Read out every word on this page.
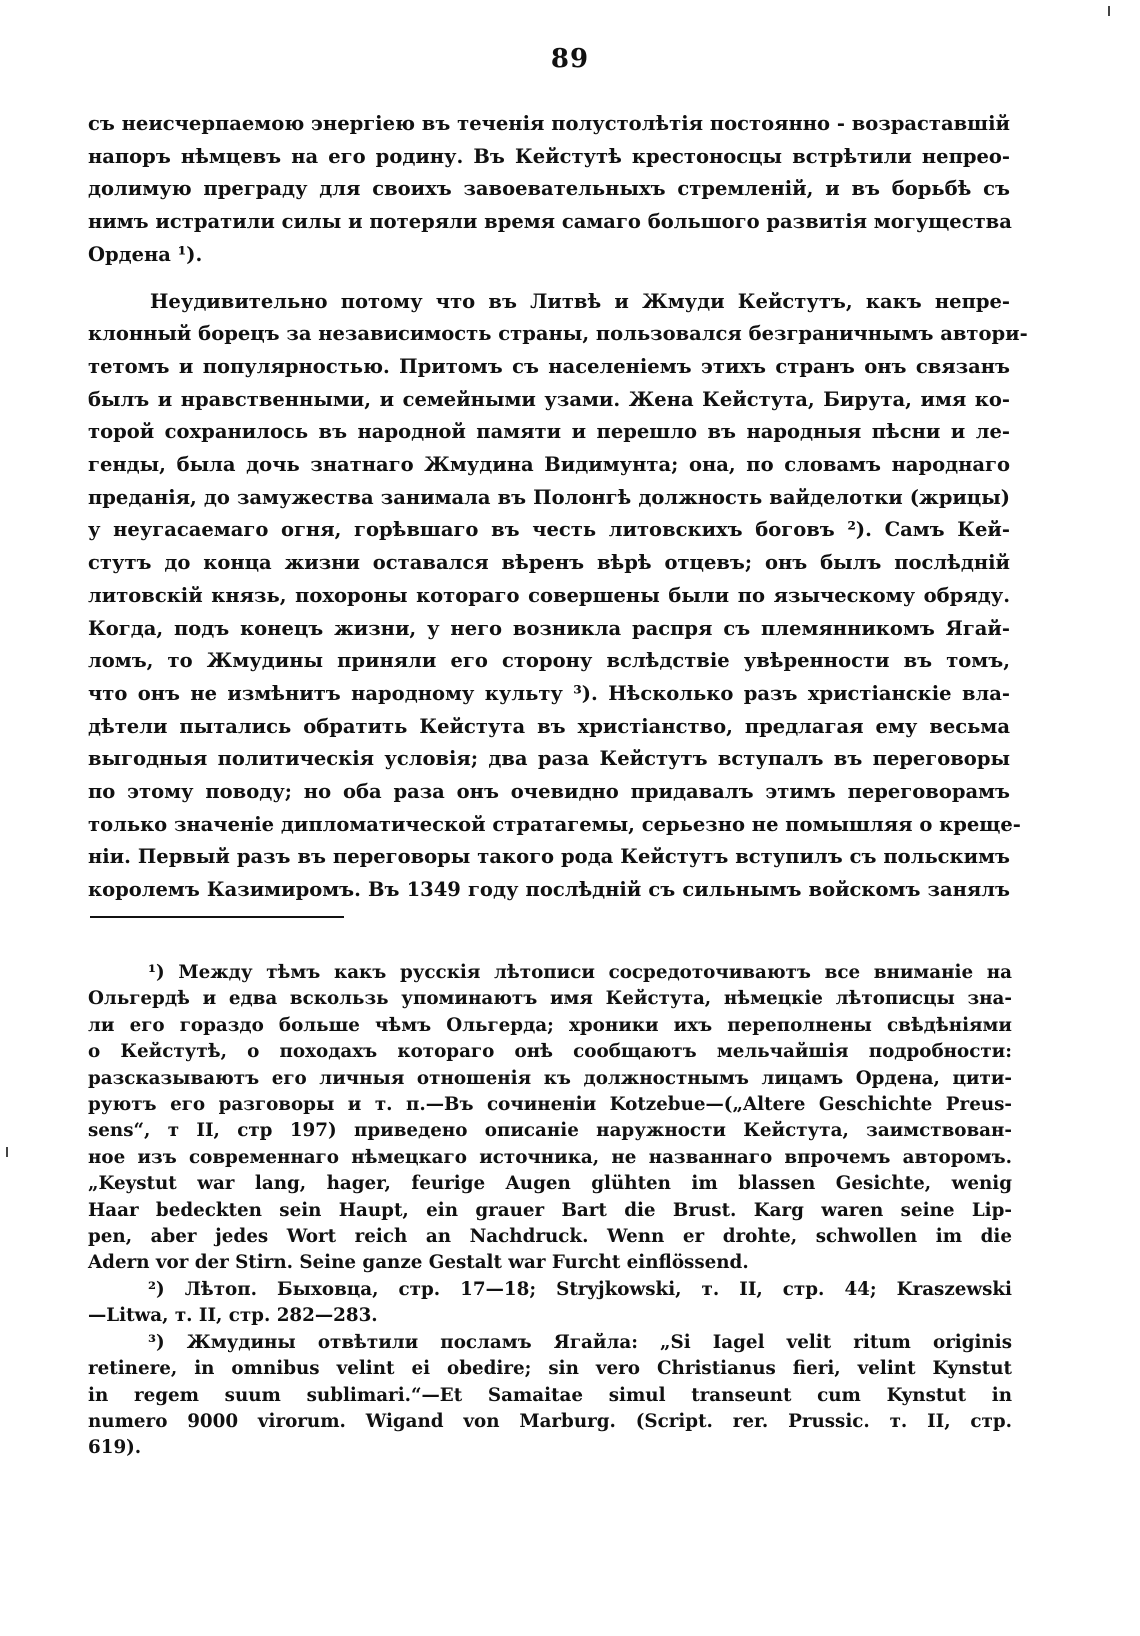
89
съ неисчерпаемою энергіею въ теченія полустолѣтія постоянно - возраставшій
напоръ нѣмцевъ на его родину. Въ Кейстутѣ крестоносцы встрѣтили непрео-
долимую преграду для своихъ завоевательныхъ стремленій, и въ борьбѣ съ
нимъ истратили силы и потеряли время самаго большого развитія могущества
Ордена ¹).
Неудивительно потому что въ Литвѣ и Жмуди Кейстутъ, какъ непре-
клонный борецъ за независимость страны, пользовался безграничнымъ автори-
тетомъ и популярностью. Притомъ съ населеніемъ этихъ странъ онъ связанъ
былъ и нравственными, и семейными узами. Жена Кейстута, Бирута, имя ко-
торой сохранилось въ народной памяти и перешло въ народныя пѣсни и ле-
генды, была дочь знатнаго Жмудина Видимунта; она, по словамъ народнаго
преданія, до замужества занимала въ Полонгѣ должность вайделотки (жрицы)
у неугасаемаго огня, горѣвшаго въ честь литовскихъ боговъ ²). Самъ Кей-
стутъ до конца жизни оставался вѣренъ вѣрѣ отцевъ; онъ былъ послѣдній
литовскій князь, похороны котораго совершены были по языческому обряду.
Когда, подъ конецъ жизни, у него возникла распря съ племянникомъ Ягай-
ломъ, то Жмудины приняли его сторону вслѣдствіе увѣренности въ томъ,
что онъ не измѣнитъ народному культу ³). Нѣсколько разъ христіанскіе вла-
дѣтели пытались обратить Кейстута въ христіанство, предлагая ему весьма
выгодныя политическія условія; два раза Кейстутъ вступалъ въ переговоры
по этому поводу; но оба раза онъ очевидно придавалъ этимъ переговорамъ
только значеніе дипломатической стратагемы, серьезно не помышляя о креще-
ніи. Первый разъ въ переговоры такого рода Кейстутъ вступилъ съ польскимъ
королемъ Казимиромъ. Въ 1349 году послѣдній съ сильнымъ войскомъ занялъ
¹) Между тѣмъ какъ русскія лѣтописи сосредоточиваютъ все вниманіе на
Ольгердѣ и едва вскользь упоминаютъ имя Кейстута, нѣмецкіе лѣтописцы зна-
ли его гораздо больше чѣмъ Ольгерда; хроники ихъ переполнены свѣдѣніями
о Кейстутѣ, о походахъ котораго онѣ сообщаютъ мельчайшія подробности:
разсказываютъ его личныя отношенія къ должностнымъ лицамъ Ордена, цити-
руютъ его разговоры и т. п.—Въ сочиненіи Kotzebue—(„Altere Geschichte Preus-
sens“, т II, стр 197) приведено описаніе наружности Кейстута, заимствован-
ное изъ современнаго нѣмецкаго источника, не названнаго впрочемъ авторомъ.
„Keystut war lang, hager, feurige Augen glühten im blassen Gesichte, wenig
Haar bedeckten sein Haupt, ein grauer Bart die Brust. Karg waren seine Lip-
pen, aber jedes Wort reich an Nachdruck. Wenn er drohte, schwollen im die
Adern vor der Stirn. Seine ganze Gestalt war Furcht einflössend.
²) Лѣтоп. Быховца, стр. 17—18; Stryjkowski, т. II, стр. 44; Kraszewski
—Litwa, т. II, стр. 282—283.
³) Жмудины отвѣтили посламъ Ягайла: „Si Iagel velit ritum originis
retinere, in omnibus velint ei obedire; sin vero Christianus fieri, velint Kynstut
in regem suum sublimari.“—Et Samaitae simul transeunt cum Kynstut in
numero 9000 virorum. Wigand von Marburg. (Script. rer. Prussic. т. II, стр.
619).
